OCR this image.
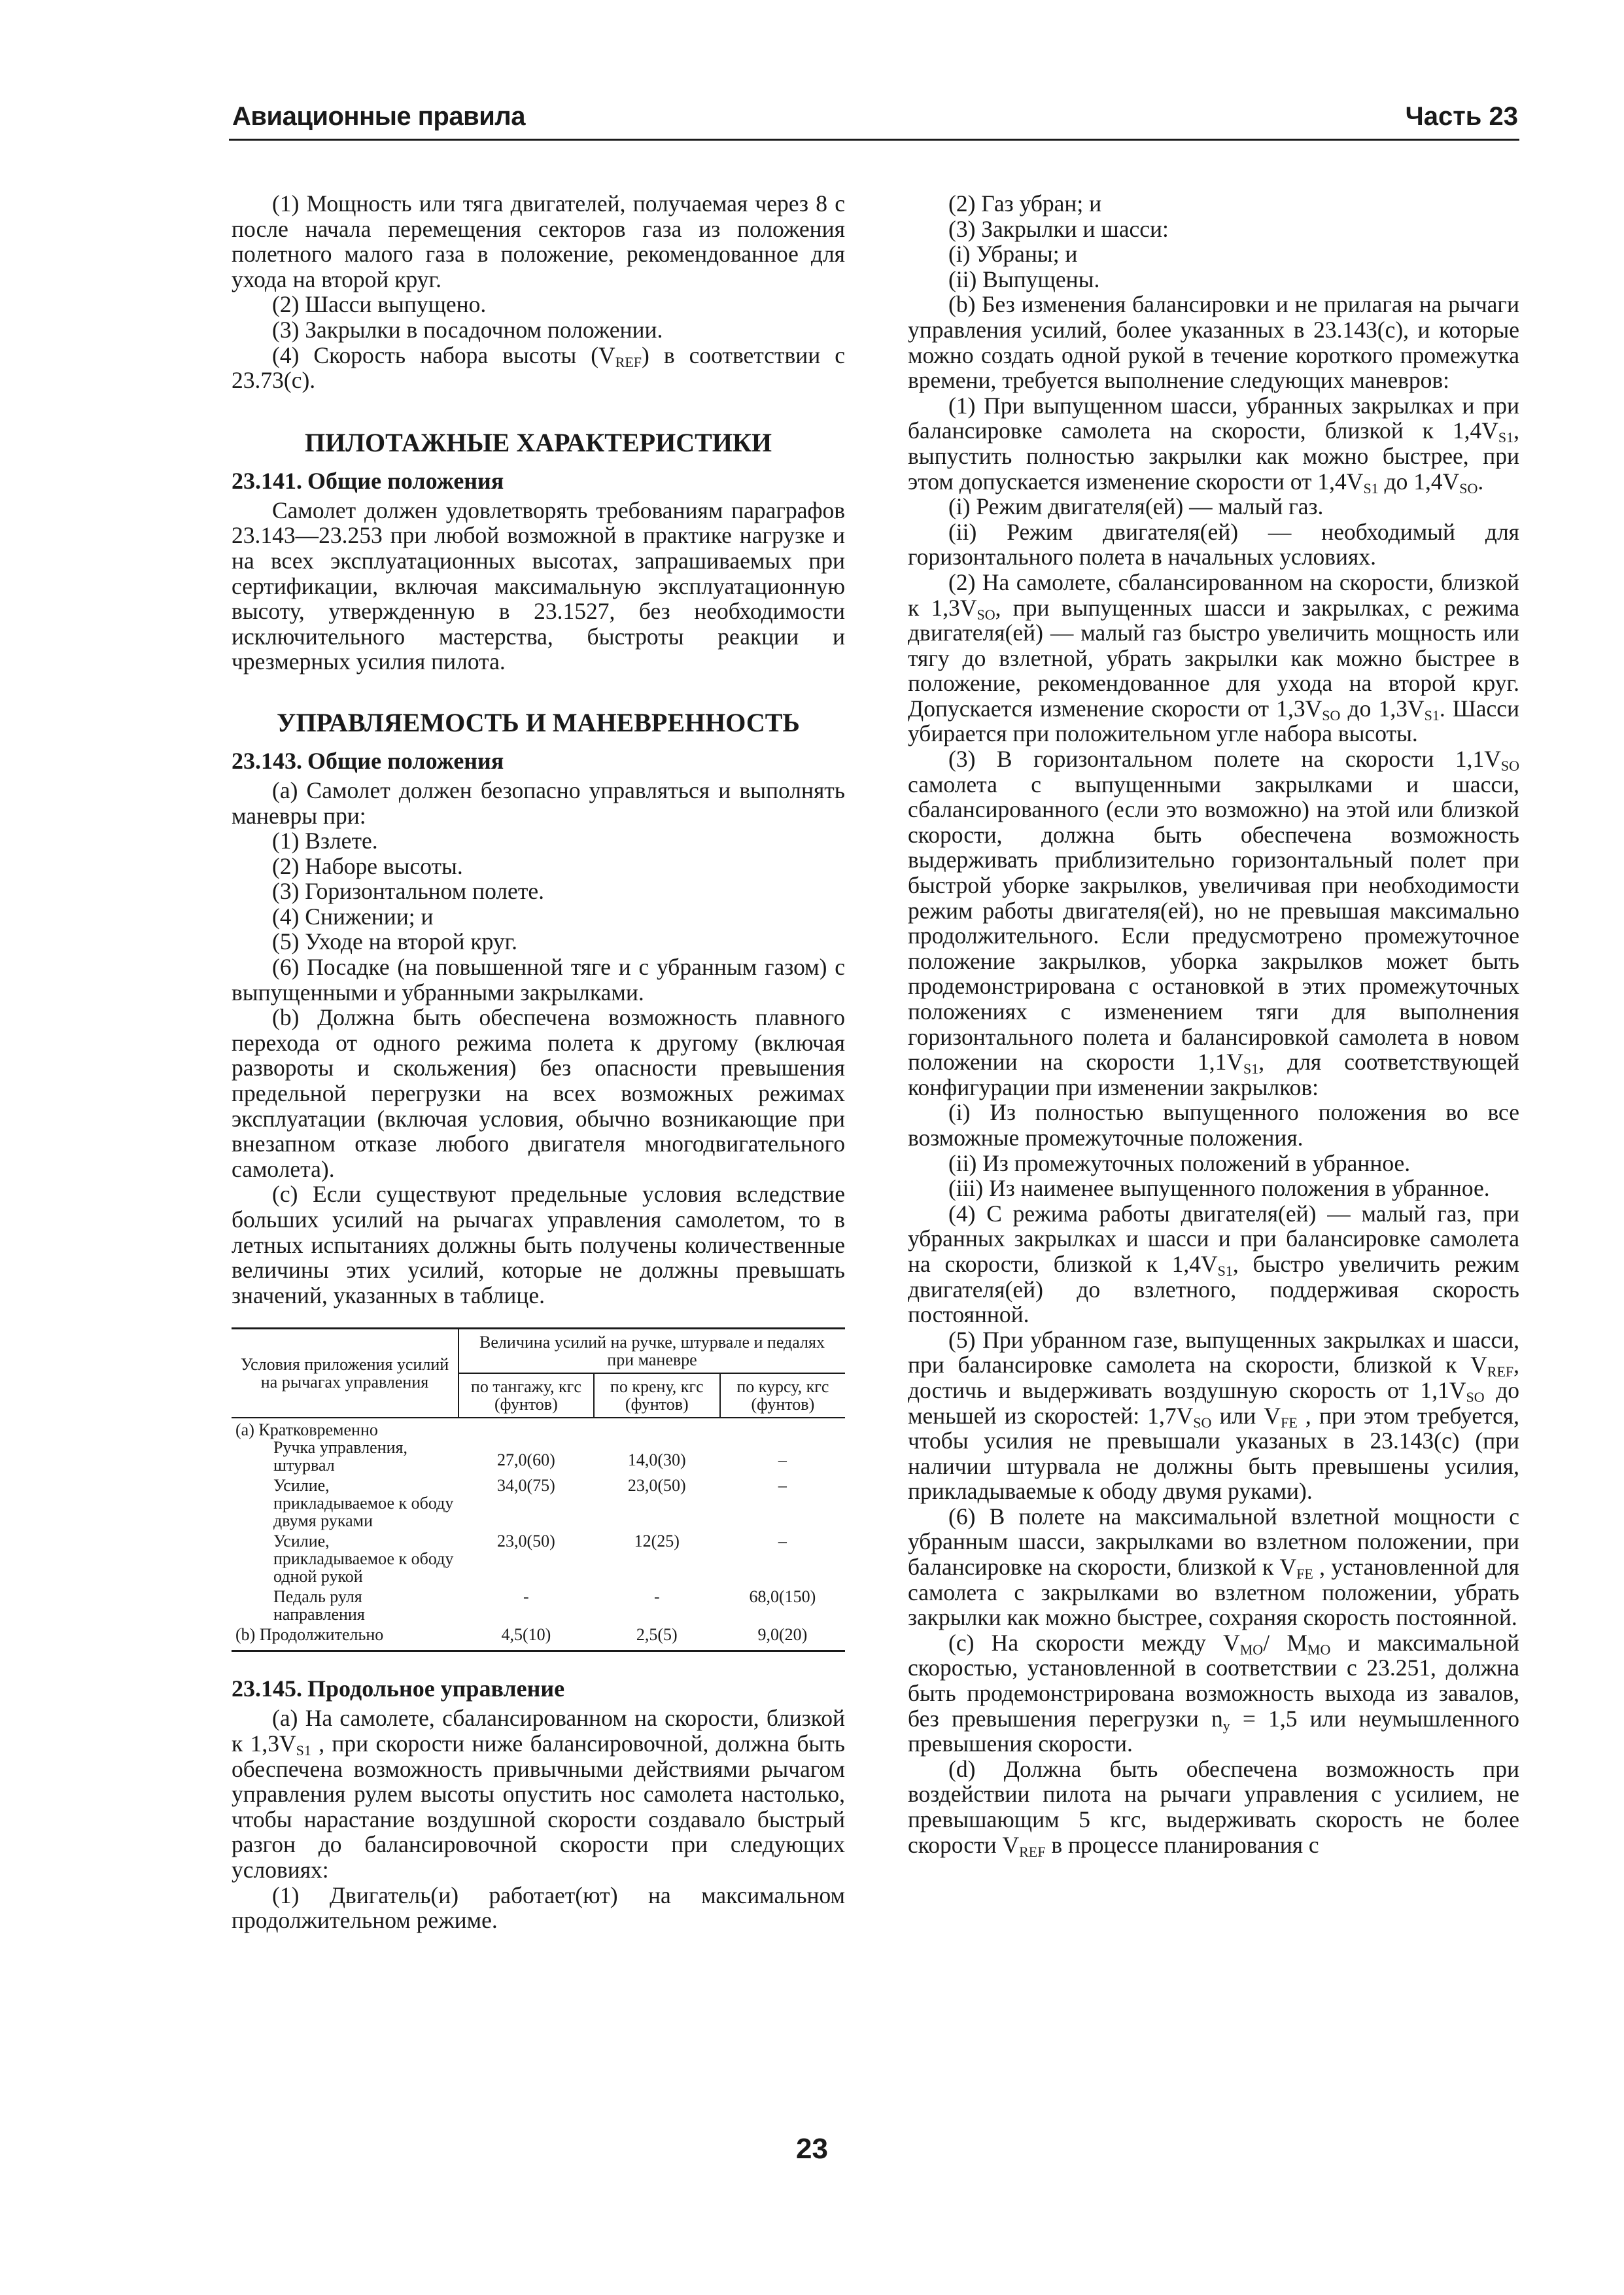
Авиационные правила	Часть 23

(1) Мощность или тяга двигателей, получаемая через 8 с после начала перемещения секторов газа из положения полетного малого газа в положение, рекомендованное для ухода на второй круг.

(2) Шасси выпущено.

(3) Закрылки в посадочном положении.

(4) Скорость набора высоты $(V_{REF})$ в соответствии с 23.73(с).

ПИЛОТАЖНЫЕ ХАРАКТЕРИСТИКИ
23.141. Общие положения

Самолет должен удовлетворять требованиям параграфов 23.143—23.253 при любой возможной в практике нагрузке и на всех эксплуатационных высотах, запрашиваемых при сертификации, включая максимальную эксплуатационную высоту, утвержденную в 23.1527, без необходимости исключительного мастерства, быстроты реакции и чрезмерных усилия пилота.

УПРАВЛЯЕМОСТЬ И МАНЕВРЕННОСТЬ
23.143. Общие положения

(а) Самолет должен безопасно управляться и выполнять маневры при:

(1) Взлете.

(2) Наборе высоты.

(3) Горизонтальном полете.

(4) Снижении; и

(5) Уходе на второй круг.

(6) Посадке (на повышенной тяге и с убранным газом) с выпущенными и убранными закрылками.

(b) Должна быть обеспечена возможность плавного перехода от одного режима полета к другому (включая развороты и скольжения) без опасности превышения предельной перегрузки на всех возможных режимах эксплуатации (включая условия, обычно возникающие при внезапном отказе любого двигателя многодвигательного самолета).

(с) Если существуют предельные условия вследствие больших усилий на рычагах управления самолетом, то в летных испытаниях должны быть получены количественные величины этих усилий, которые не должны превышать значений, указанных в таблице.

Условия приложения усилий на рычагах управления	Величина усилий на ручке, штурвале и педалях при маневре		
	по тангажу, кгс (фунтов)	по крену, кгс (фунтов)	по курсу, кгс (фунтов)
(а) Кратковременно
Ручка управления, штурвал	27,0(60)	14,0(30)	–

Усилие, прикладываемое к ободу двумя руками	34,0(75)	23,0(50)	–

Усилие, прикладываемое к ободу одной рукой	23,0(50)	12(25)	–

Педаль руля направления	-	-	68,0(150)
(b) Продолжительно	4,5(10)	2,5(5)	9,0(20)
23.145. Продольное управление

(а) На самолете, сбалансированном на скорости, близкой к $1,3V_{S1}$ , при скорости ниже балансировочной, должна быть обеспечена возможность привычными действиями рычагом управления рулем высоты опустить нос самолета настолько, чтобы нарастание воздушной скорости создавало быстрый разгон до балансировочной скорости при следующих условиях:

(1) Двигатель(и) работает(ют) на максимальном продолжительном режиме.

(2) Газ убран; и

(3) Закрылки и шасси:

(i) Убраны; и

(ii) Выпущены.

(b) Без изменения балансировки и не прилагая на рычаги управления усилий, более указанных в 23.143(с), и которые можно создать одной рукой в течение короткого промежутка времени, требуется выполнение следующих маневров:

(1) При выпущенном шасси, убранных закрылках и при балансировке самолета на скорости, близкой к $1,4V_{S1}$, выпустить полностью закрылки как можно быстрее, при этом допускается изменение скорости от $1,4V_{S1}$ до $1,4V_{SO}$.

(i) Режим двигателя(ей) — малый газ.

(ii) Режим двигателя(ей) — необходимый для горизонтального полета в начальных условиях.

(2) На самолете, сбалансированном на скорости, близкой к $1,3V_{SO}$, при выпущенных шасси и закрылках, с режима двигателя(ей) — малый газ быстро увеличить мощность или тягу до взлетной, убрать закрылки как можно быстрее в положение, рекомендованное для ухода на второй круг. Допускается изменение скорости от $1,3V_{SO}$ до $1,3V_{S1}$. Шасси убирается при положительном угле набора высоты.

(3) В горизонтальном полете на скорости $1,1V_{SO}$ самолета с выпущенными закрылками и шасси, сбалансированного (если это возможно) на этой или близкой скорости, должна быть обеспечена возможность выдерживать приблизительно горизонтальный полет при быстрой уборке закрылков, увеличивая при необходимости режим работы двигателя(ей), но не превышая максимально продолжительного. Если предусмотрено промежуточное положение закрылков, уборка закрылков может быть продемонстрирована с остановкой в этих промежуточных положениях с изменением тяги для выполнения горизонтального полета и балансировкой самолета в новом положении на скорости $1,1V_{S1}$, для соответствующей конфигурации при изменении закрылков:

(i) Из полностью выпущенного положения во все возможные промежуточные положения.

(ii) Из промежуточных положений в убранное.

(iii) Из наименее выпущенного положения в убранное.

(4) С режима работы двигателя(ей) — малый газ, при убранных закрылках и шасси и при балансировке самолета на скорости, близкой к $1,4V_{S1}$, быстро увеличить режим двигателя(ей) до взлетного, поддерживая скорость постоянной.

(5) При убранном газе, выпущенных закрылках и шасси, при балансировке самолета на скорости, близкой к $V_{REF}$, достичь и выдерживать воздушную скорость от $1,1V_{SO}$ до меньшей из скоростей: $1,7V_{SO}$ или $V_{FE}$ , при этом требуется, чтобы усилия не превышали указаных в 23.143(с) (при наличии штурвала не должны быть превышены усилия, прикладываемые к ободу двумя руками).

(6) В полете на максимальной взлетной мощности с убранным шасси, закрылками во взлетном положении, при балансировке на скорости, близкой к $V_{FE}$ , установленной для самолета с закрылками во взлетном положении, убрать закрылки как можно быстрее, сохраняя скорость постоянной.

(с) На скорости между $V_{MO}/$ $M_{MO}$ и максимальной скоростью, установленной в соответствии с 23.251, должна быть продемонстрирована возможность выхода из завалов, без превышения перегрузки $n_y = 1,5$ или неумышленного превышения скорости.

(d) Должна быть обеспечена возможность при воздействии пилота на рычаги управления с усилием, не превышающим 5 кгс, выдерживать скорость не более скорости $V_{REF}$ в процессе планирования с

23
